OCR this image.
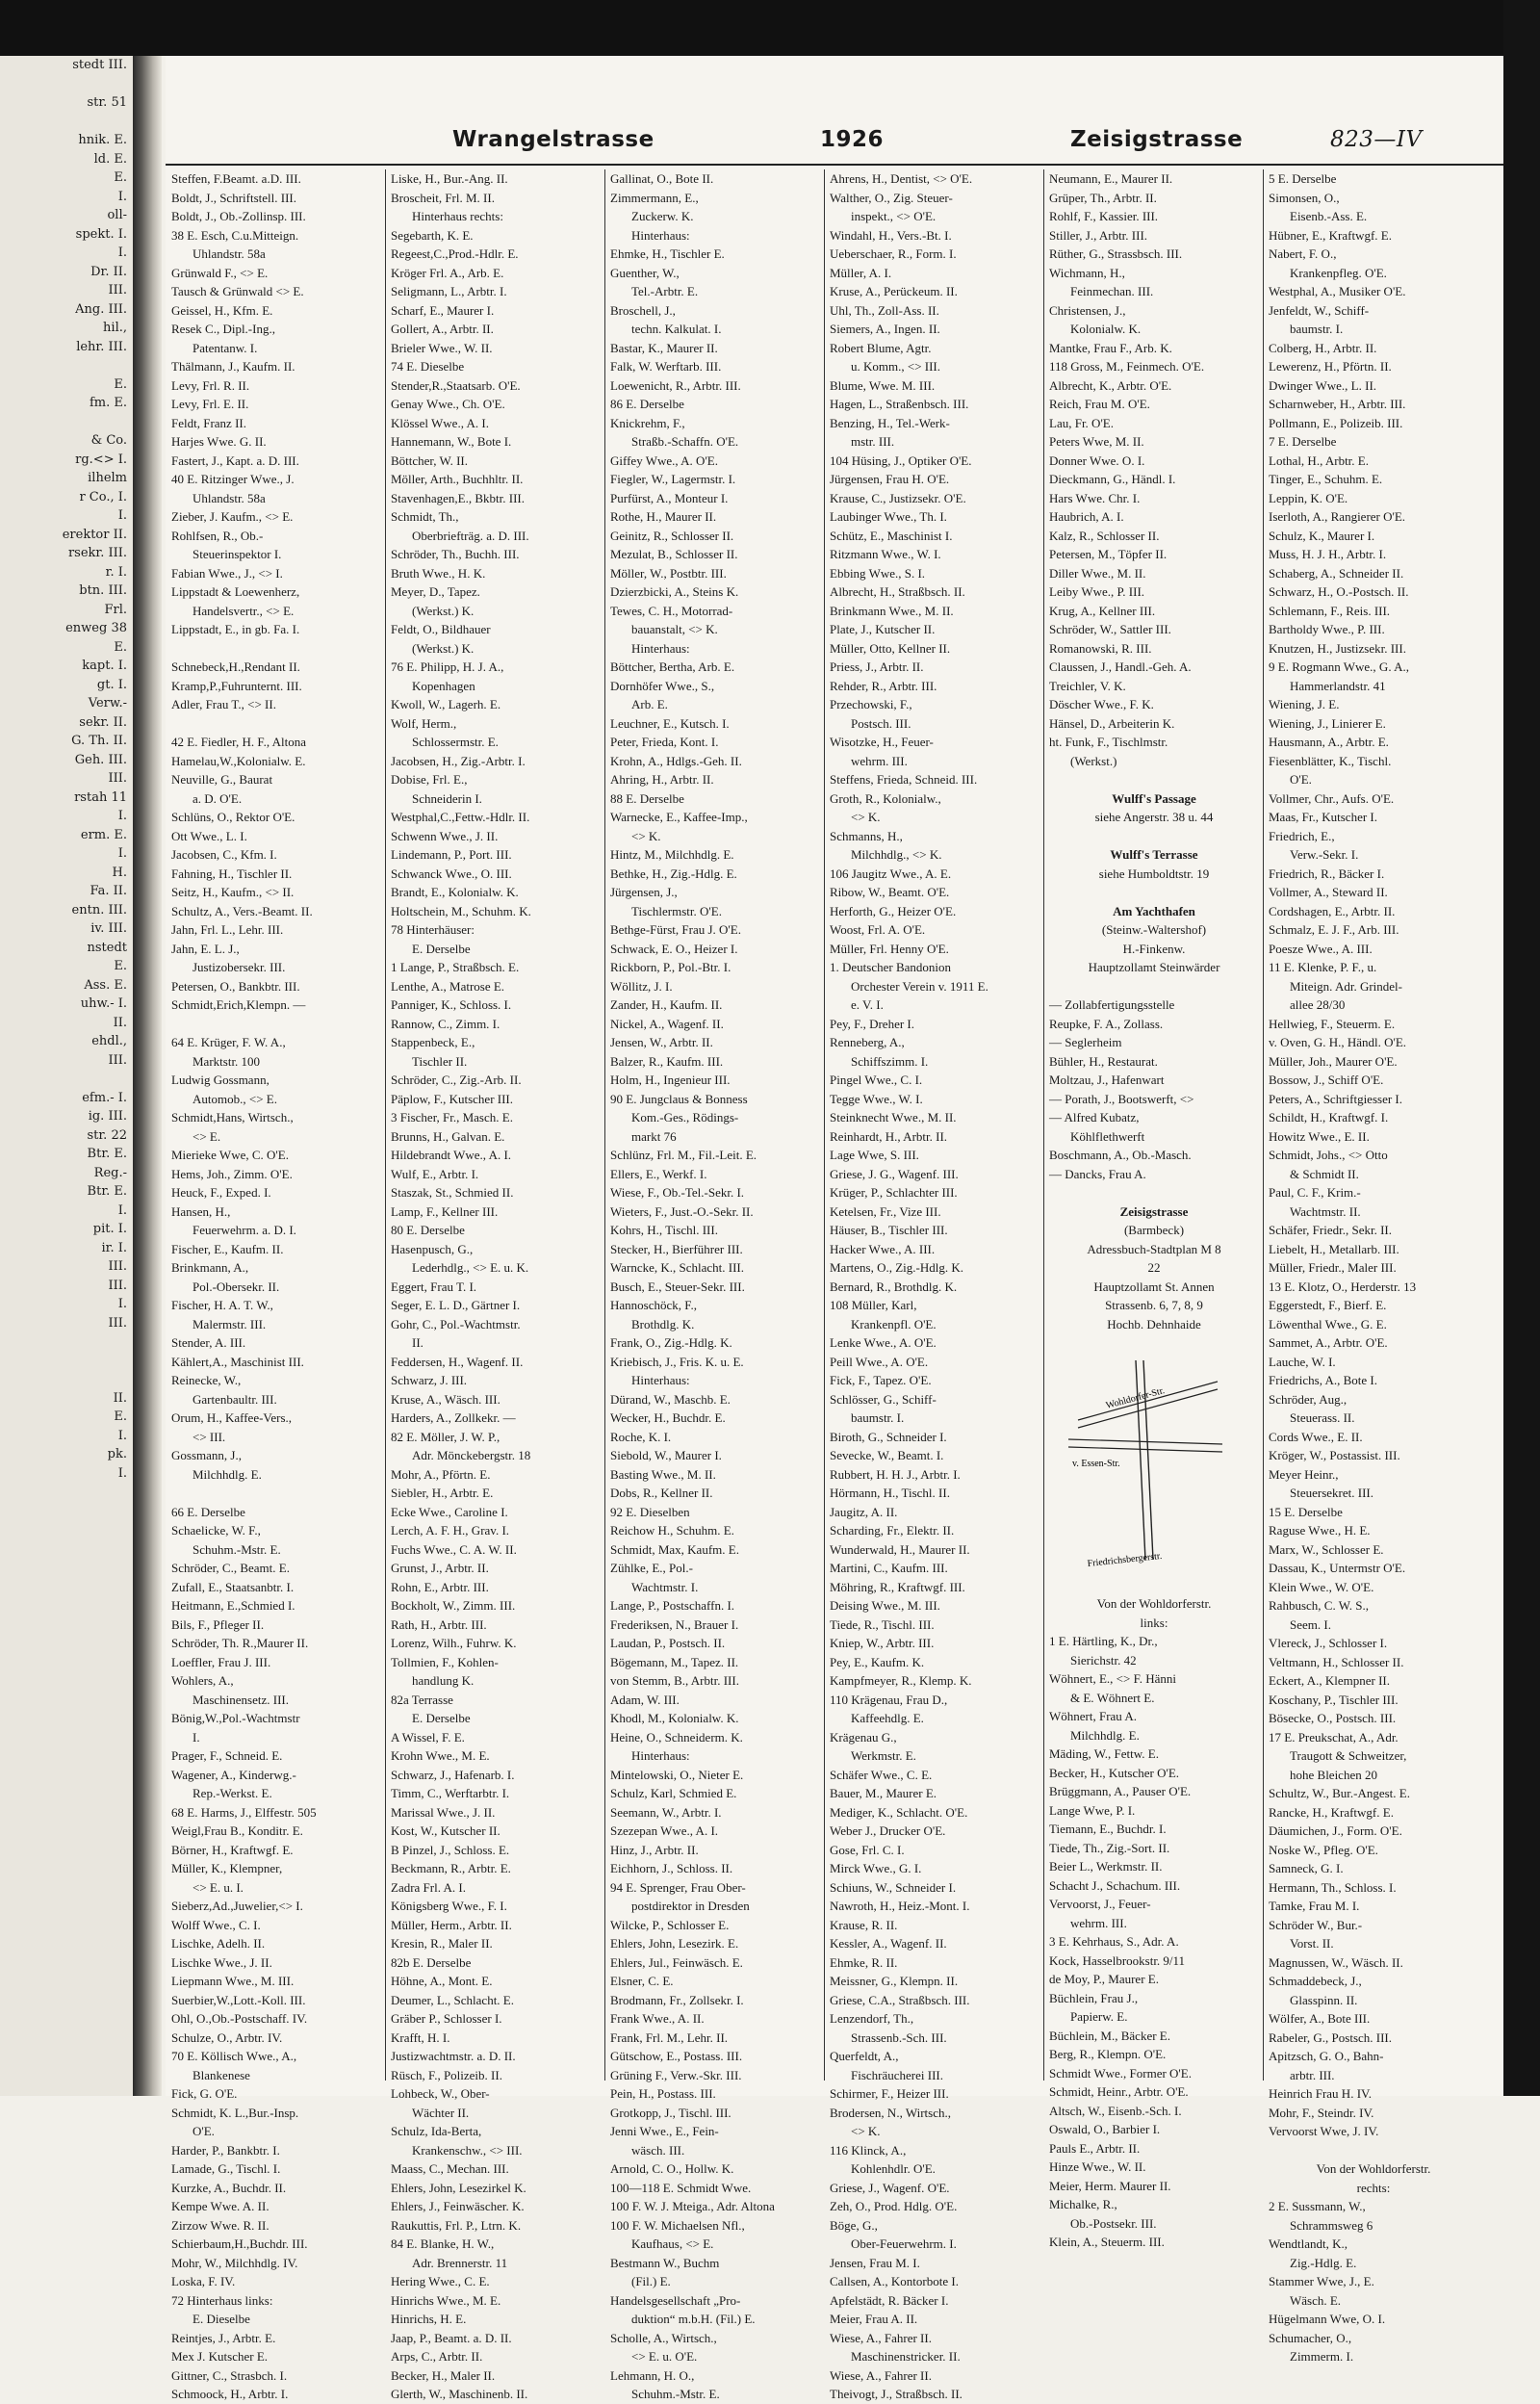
stedt III.

str. 51

hnik. E.
ld. E.
E.
I.
oll-
spekt. I.
I.
Dr. II.
III.
Ang. III.
hil.,
lehr. III.

E.
fm. E.

& Co.
rg.<> I.
ilhelm
r Co., I.
I.
erektor II.
rsekr. III.
r. I.
btn. III.
Frl.
enweg 38
E.
kapt. I.
gt. I.
Verw.-
sekr. II.
G. Th. II.
Geh. III.
III.
rstah 11
I.
erm. E.
I.
H.
Fa. II.
entn. III.
iv. III.
nstedt
E.
Ass. E.
uhw.- I.
II.
ehdl.,
III.

efm.- I.
ig. III.
str. 22
Btr. E.
Reg.-
Btr. E.
I.
pit. I.
ir. I.
III.
III.
I.
III.

II.
E.
I.
pk.
I.
Wrangelstrasse	1926	Zeisigstrasse	823—IV
Steffen, F.Beamt. a.D. III.
Boldt, J., Schriftstell. III.
Boldt, J., Ob.-Zollinsp. III.
38 E. Esch, C.u.Mitteign.
Uhlandstr. 58a
Grünwald F., <> E.
Tausch & Grünwald <> E.
Geissel, H., Kfm. E.
Resek C., Dipl.-Ing.,
Patentanw. I.
Thälmann, J., Kaufm. II.
Levy, Frl. R. II.
Levy, Frl. E. II.
Feldt, Franz II.
Harjes Wwe. G. II.
Fastert, J., Kapt. a. D. III.
40 E. Ritzinger Wwe., J.
Uhlandstr. 58a
Zieber, J. Kaufm., <> E.
Rohlfsen, R., Ob.-
Steuerinspektor I.
Fabian Wwe., J., <> I.
Lippstadt & Loewenherz,
Handelsvertr., <> E.
Lippstadt, E., in gb. Fa. I.

Schnebeck,H.,Rendant II.
Kramp,P.,Fuhrunternt. III.
Adler, Frau T., <> II.

42 E. Fiedler, H. F., Altona
Hamelau,W.,Kolonialw. E.
Neuville, G., Baurat
a. D. O'E.
Schlüns, O., Rektor O'E.
Ott Wwe., L. I.
Jacobsen, C., Kfm. I.
Fahning, H., Tischler II.
Seitz, H., Kaufm., <> II.
Schultz, A., Vers.-Beamt. II.
Jahn, Frl. L., Lehr. III.
Jahn, E. L. J.,
Justizobersekr. III.
Petersen, O., Bankbtr. III.
Schmidt,Erich,Klempn. —

64 E. Krüger, F. W. A.,
Marktstr. 100
Ludwig Gossmann,
Automob., <> E.
Schmidt,Hans, Wirtsch.,
<> E.
Mierieke Wwe, C. O'E.
Hems, Joh., Zimm. O'E.
Heuck, F., Exped. I.
Hansen, H.,
Feuerwehrm. a. D. I.
Fischer, E., Kaufm. II.
Brinkmann, A.,
Pol.-Obersekr. II.
Fischer, H. A. T. W.,
Malermstr. III.
Stender, A. III.
Kählert,A., Maschinist III.
Reinecke, W.,
Gartenbaultr. III.
Orum, H., Kaffee-Vers.,
<> III.
Gossmann, J.,
Milchhdlg. E.

66 E. Derselbe
Schaelicke, W. F.,
Schuhm.-Mstr. E.
Schröder, C., Beamt. E.
Zufall, E., Staatsanbtr. I.
Heitmann, E.,Schmied I.
Bils, F., Pfleger II.
Schröder, Th. R.,Maurer II.
Loeffler, Frau J. III.
Wohlers, A.,
Maschinensetz. III.
Bönig,W.,Pol.-Wachtmstr
I.
Prager, F., Schneid. E.
Wagener, A., Kinderwg.-
Rep.-Werkst. E.
68 E. Harms, J., Elffestr. 505
Weigl,Frau B., Konditr. E.
Börner, H., Kraftwgf. E.
Müller, K., Klempner,
<> E. u. I.
Sieberz,Ad.,Juwelier,<> I.
Wolff Wwe., C. I.
Lischke, Adelh. II.
Lischke Wwe., J. II.
Liepmann Wwe., M. III.
Suerbier,W.,Lott.-Koll. III.
Ohl, O.,Ob.-Postschaff. IV.
Schulze, O., Arbtr. IV.
70 E. Köllisch Wwe., A.,
Blankenese
Fick, G. O'E.
Schmidt, K. L.,Bur.-Insp.
O'E.
Harder, P., Bankbtr. I.
Lamade, G., Tischl. I.
Kurzke, A., Buchdr. II.
Kempe Wwe. A. II.
Zirzow Wwe. R. II.
Schierbaum,H.,Buchdr. III.
Mohr, W., Milchhdlg. IV.
Loska, F. IV.
72 Hinterhaus links:
E. Dieselbe
Reintjes, J., Arbtr. E.
Mex J. Kutscher E.
Gittner, C., Strasbch. I.
Schmoock, H., Arbtr. I.
Liske, H., Bur.-Ang. II.
Broscheit, Frl. M. II.
Hinterhaus rechts:
Segebarth, K. E.
Regeest,C.,Prod.-Hdlr. E.
Kröger Frl. A., Arb. E.
Seligmann, L., Arbtr. I.
Scharf, E., Maurer I.
Gollert, A., Arbtr. II.
Brieler Wwe., W. II.
74 E. Dieselbe
Stender,R.,Staatsarb. O'E.
Genay Wwe., Ch. O'E.
Klössel Wwe., A. I.
Hannemann, W., Bote I.
Böttcher, W. II.
Möller, Arth., Buchhltr. II.
Stavenhagen,E., Bkbtr. III.
Schmidt, Th.,
Oberbriefträg. a. D. III.
Schröder, Th., Buchh. III.
Bruth Wwe., H. K.
Meyer, D., Tapez.
(Werkst.) K.
Feldt, O., Bildhauer
(Werkst.) K.
76 E. Philipp, H. J. A.,
Kopenhagen
Kwoll, W., Lagerh. E.
Wolf, Herm.,
Schlossermstr. E.
Jacobsen, H., Zig.-Arbtr. I.
Dobise, Frl. E.,
Schneiderin I.
Westphal,C.,Fettw.-Hdlr. II.
Schwenn Wwe., J. II.
Lindemann, P., Port. III.
Schwanck Wwe., O. III.
Brandt, E., Kolonialw. K.
Holtschein, M., Schuhm. K.
78 Hinterhäuser:
E. Derselbe
1 Lange, P., Straßbsch. E.
Lenthe, A., Matrose E.
Panniger, K., Schloss. I.
Rannow, C., Zimm. I.
Stappenbeck, E.,
Tischler II.
Schröder, C., Zig.-Arb. II.
Päplow, F., Kutscher III.
3 Fischer, Fr., Masch. E.
Brunns, H., Galvan. E.
Hildebrandt Wwe., A. I.
Wulf, E., Arbtr. I.
Staszak, St., Schmied II.
Lamp, F., Kellner III.
80 E. Derselbe
Hasenpusch, G.,
Lederhdlg., <> E. u. K.
Eggert, Frau T. I.
Seger, E. L. D., Gärtner I.
Gohr, C., Pol.-Wachtmstr.
II.
Feddersen, H., Wagenf. II.
Schwarz, J. III.
Kruse, A., Wäsch. III.
Harders, A., Zollkekr. —
82 E. Möller, J. W. P.,
Adr. Mönckebergstr. 18
Mohr, A., Pförtn. E.
Siebler, H., Arbtr. E.
Ecke Wwe., Caroline I.
Lerch, A. F. H., Grav. I.
Fuchs Wwe., C. A. W. II.
Grunst, J., Arbtr. II.
Rohn, E., Arbtr. III.
Bockholt, W., Zimm. III.
Rath, H., Arbtr. III.
Lorenz, Wilh., Fuhrw. K.
Tollmien, F., Kohlen-
handlung K.
82a Terrasse
E. Derselbe
A Wissel, F. E.
Krohn Wwe., M. E.
Schwarz, J., Hafenarb. I.
Timm, C., Werftarbtr. I.
Marissal Wwe., J. II.
Kost, W., Kutscher II.
B Pinzel, J., Schloss. E.
Beckmann, R., Arbtr. E.
Zadra Frl. A. I.
Königsberg Wwe., F. I.
Müller, Herm., Arbtr. II.
Kresin, R., Maler II.
82b E. Derselbe
Höhne, A., Mont. E.
Deumer, L., Schlacht. E.
Gräber P., Schlosser I.
Krafft, H. I.
Justizwachtmstr. a. D. II.
Rüsch, F., Polizeib. II.
Lohbeck, W., Ober-
Wächter II.
Schulz, Ida-Berta,
Krankenschw., <> III.
Maass, C., Mechan. III.
Ehlers, John, Lesezirkel K.
Ehlers, J., Feinwäscher. K.
Raukuttis, Frl. P., Ltrn. K.
84 E. Blanke, H. W.,
Adr. Brennerstr. 11
Hering Wwe., C. E.
Hinrichs Wwe., M. E.
Hinrichs, H. E.
Jaap, P., Beamt. a. D. II.
Arps, C., Arbtr. II.
Becker, H., Maler II.
Glerth, W., Maschinenb. II.
Gallinat, O., Bote II.
Zimmermann, E.,
Zuckerw. K.
Hinterhaus:
Ehmke, H., Tischler E.
Guenther, W.,
Tel.-Arbtr. E.
Broschell, J.,
techn. Kalkulat. I.
Bastar, K., Maurer II.
Falk, W. Werftarb. III.
Loewenicht, R., Arbtr. III.
86 E. Derselbe
Knickrehm, F.,
Straßb.-Schaffn. O'E.
Giffey Wwe., A. O'E.
Fiegler, W., Lagermstr. I.
Purfürst, A., Monteur I.
Rothe, H., Maurer II.
Geinitz, R., Schlosser II.
Mezulat, B., Schlosser II.
Möller, W., Postbtr. III.
Dzierzbicki, A., Steins K.
Tewes, C. H., Motorrad-
bauanstalt, <> K.
Hinterhaus:
Böttcher, Bertha, Arb. E.
Dornhöfer Wwe., S.,
Arb. E.
Leuchner, E., Kutsch. I.
Peter, Frieda, Kont. I.
Krohn, A., Hdlgs.-Geh. II.
Ahring, H., Arbtr. II.
88 E. Derselbe
Warnecke, E., Kaffee-Imp.,
<> K.
Hintz, M., Milchhdlg. E.
Bethke, H., Zig.-Hdlg. E.
Jürgensen, J.,
Tischlermstr. O'E.
Bethge-Fürst, Frau J. O'E.
Schwack, E. O., Heizer I.
Rickborn, P., Pol.-Btr. I.
Wöllitz, J. I.
Zander, H., Kaufm. II.
Nickel, A., Wagenf. II.
Jensen, W., Arbtr. II.
Balzer, R., Kaufm. III.
Holm, H., Ingenieur III.
90 E. Jungclaus & Bonness
Kom.-Ges., Rödings-
markt 76
Schlünz, Frl. M., Fil.-Leit. E.
Ellers, E., Werkf. I.
Wiese, F., Ob.-Tel.-Sekr. I.
Wieters, F., Just.-O.-Sekr. II.
Kohrs, H., Tischl. III.
Stecker, H., Bierführer III.
Warncke, K., Schlacht. III.
Busch, E., Steuer-Sekr. III.
Hannoschöck, F.,
Brothdlg. K.
Frank, O., Zig.-Hdlg. K.
Kriebisch, J., Fris. K. u. E.
Hinterhaus:
Dürand, W., Maschb. E.
Wecker, H., Buchdr. E.
Roche, K. I.
Siebold, W., Maurer I.
Basting Wwe., M. II.
Dobs, R., Kellner II.
92 E. Dieselben
Reichow H., Schuhm. E.
Schmidt, Max, Kaufm. E.
Zühlke, E., Pol.-
Wachtmstr. I.
Lange, P., Postschaffn. I.
Frederiksen, N., Brauer I.
Laudan, P., Postsch. II.
Bögemann, M., Tapez. II.
von Stemm, B., Arbtr. III.
Adam, W. III.
Khodl, M., Kolonialw. K.
Heine, O., Schneiderm. K.
Hinterhaus:
Mintelowski, O., Nieter E.
Schulz, Karl, Schmied E.
Seemann, W., Arbtr. I.
Szezepan Wwe., A. I.
Hinz, J., Arbtr. II.
Eichhorn, J., Schloss. II.
94 E. Sprenger, Frau Ober-
postdirektor in Dresden
Wilcke, P., Schlosser E.
Ehlers, John, Lesezirk. E.
Ehlers, Jul., Feinwäsch. E.
Elsner, C. E.
Brodmann, Fr., Zollsekr. I.
Frank Wwe., A. II.
Frank, Frl. M., Lehr. II.
Gütschow, E., Postass. III.
Grüning F., Verw.-Skr. III.
Pein, H., Postass. III.
Grotkopp, J., Tischl. III.
Jenni Wwe., E., Fein-
wäsch. III.
Arnold, C. O., Hollw. K.
100—118 E. Schmidt Wwe.
100 F. W. J. Mteiga., Adr. Altona
100 F. W. Michaelsen Nfl.,
Kaufhaus, <> E.
Bestmann W., Buchm
(Fil.) E.
Handelsgesellschaft „Pro-
duktion“ m.b.H. (Fil.) E.
Scholle, A., Wirtsch.,
<> E. u. O'E.
Lehmann, H. O.,
Schuhm.-Mstr. E.
Ahrens, H., Dentist, <> O'E.
Walther, O., Zig. Steuer-
inspekt., <> O'E.
Windahl, H., Vers.-Bt. I.
Ueberschaer, R., Form. I.
Müller, A. I.
Kruse, A., Perückeum. II.
Uhl, Th., Zoll-Ass. II.
Siemers, A., Ingen. II.
Robert Blume, Agtr.
u. Komm., <> III.
Blume, Wwe. M. III.
Hagen, L., Straßenbsch. III.
Benzing, H., Tel.-Werk-
mstr. III.
104 Hüsing, J., Optiker O'E.
Jürgensen, Frau H. O'E.
Krause, C., Justizsekr. O'E.
Laubinger Wwe., Th. I.
Schütz, E., Maschinist I.
Ritzmann Wwe., W. I.
Ebbing Wwe., S. I.
Albrecht, H., Straßbsch. II.
Brinkmann Wwe., M. II.
Plate, J., Kutscher II.
Müller, Otto, Kellner II.
Priess, J., Arbtr. II.
Rehder, R., Arbtr. III.
Przechowski, F.,
Postsch. III.
Wisotzke, H., Feuer-
wehrm. III.
Steffens, Frieda, Schneid. III.
Groth, R., Kolonialw.,
<> K.
Schmanns, H.,
Milchhdlg., <> K.
106 Jaugitz Wwe., A. E.
Ribow, W., Beamt. O'E.
Herforth, G., Heizer O'E.
Woost, Frl. A. O'E.
Müller, Frl. Henny O'E.
1. Deutscher Bandonion
Orchester Verein v. 1911 E.
e. V. I.
Pey, F., Dreher I.
Renneberg, A.,
Schiffszimm. I.
Pingel Wwe., C. I.
Tegge Wwe., W. I.
Steinknecht Wwe., M. II.
Reinhardt, H., Arbtr. II.
Lage Wwe, S. III.
Griese, J. G., Wagenf. III.
Krüger, P., Schlachter III.
Ketelsen, Fr., Vize III.
Häuser, B., Tischler III.
Hacker Wwe., A. III.
Martens, O., Zig.-Hdlg. K.
Bernard, R., Brothdlg. K.
108 Müller, Karl,
Krankenpfl. O'E.
Lenke Wwe., A. O'E.
Peill Wwe., A. O'E.
Fick, F., Tapez. O'E.
Schlösser, G., Schiff-
baumstr. I.
Biroth, G., Schneider I.
Sevecke, W., Beamt. I.
Rubbert, H. H. J., Arbtr. I.
Hörmann, H., Tischl. II.
Jaugitz, A. II.
Scharding, Fr., Elektr. II.
Wunderwald, H., Maurer II.
Martini, C., Kaufm. III.
Möhring, R., Kraftwgf. III.
Deising Wwe., M. III.
Tiede, R., Tischl. III.
Kniep, W., Arbtr. III.
Pey, E., Kaufm. K.
Kampfmeyer, R., Klemp. K.
110 Krägenau, Frau D.,
Kaffeehdlg. E.
Krägenau G.,
Werkmstr. E.
Schäfer Wwe., C. E.
Bauer, M., Maurer E.
Mediger, K., Schlacht. O'E.
Weber J., Drucker O'E.
Gose, Frl. C. I.
Mirck Wwe., G. I.
Schiuns, W., Schneider I.
Nawroth, H., Heiz.-Mont. I.
Krause, R. II.
Kessler, A., Wagenf. II.
Ehmke, R. II.
Meissner, G., Klempn. II.
Griese, C.A., Straßbsch. III.
Lenzendorf, Th.,
Strassenb.-Sch. III.
Querfeldt, A.,
Fischräucherei III.
Schirmer, F., Heizer III.
Brodersen, N., Wirtsch.,
<> K.
116 Klinck, A.,
Kohlenhdlr. O'E.
Griese, J., Wagenf. O'E.
Zeh, O., Prod. Hdlg. O'E.
Böge, G.,
Ober-Feuerwehrm. I.
Jensen, Frau M. I.
Callsen, A., Kontorbote I.
Apfelstädt, R. Bäcker I.
Meier, Frau A. II.
Wiese, A., Fahrer II.
Maschinenstricker. II.
Wiese, A., Fahrer II.
Theivogt, J., Straßbsch. II.
Neumann, E., Maurer II.
Grüper, Th., Arbtr. II.
Rohlf, F., Kassier. III.
Stiller, J., Arbtr. III.
Rüther, G., Strassbsch. III.
Wichmann, H.,
Feinmechan. III.
Christensen, J.,
Kolonialw. K.
Mantke, Frau F., Arb. K.
118 Gross, M., Feinmech. O'E.
Albrecht, K., Arbtr. O'E.
Reich, Frau M. O'E.
Lau, Fr. O'E.
Peters Wwe, M. II.
Donner Wwe. O. I.
Dieckmann, G., Händl. I.
Hars Wwe. Chr. I.
Haubrich, A. I.
Kalz, R., Schlosser II.
Petersen, M., Töpfer II.
Diller Wwe., M. II.
Leiby Wwe., P. III.
Krug, A., Kellner III.
Schröder, W., Sattler III.
Romanowski, R. III.
Claussen, J., Handl.-Geh. A.
Treichler, V. K.
Döscher Wwe., F. K.
Hänsel, D., Arbeiterin K.
ht. Funk, F., Tischlmstr.
(Werkst.)

Wulff's Passage
siehe Angerstr. 38 u. 44

Wulff's Terrasse
siehe Humboldtstr. 19

Am Yachthafen
(Steinw.-Waltershof)
H.-Finkenw.
Hauptzollamt Steinwärder

— Zollabfertigungsstelle
Reupke, F. A., Zollass.
— Seglerheim
Bühler, H., Restaurat.
Moltzau, J., Hafenwart
— Porath, J., Bootswerft, <>
— Alfred Kubatz,
Köhlflethwerft
Boschmann, A., Ob.-Masch.
— Dancks, Frau A.

Zeisigstrasse
(Barmbeck)
Adressbuch-Stadtplan M 8
22
Hauptzollamt St. Annen
Strassenb. 6, 7, 8, 9
Hochb. Dehnhaide

Wohldorfer-Str.
v. Essen-Str.
Friedrichsbergerstr.

Von der Wohldorferstr.
links:
1 E. Härtling, K., Dr.,
Sierichstr. 42
Wöhnert, E., <> F. Hänni
& E. Wöhnert E.
Wöhnert, Frau A.
Milchhdlg. E.
Mäding, W., Fettw. E.
Becker, H., Kutscher O'E.
Brüggmann, A., Pauser O'E.
Lange Wwe, P. I.
Tiemann, E., Buchdr. I.
Tiede, Th., Zig.-Sort. II.
Beier L., Werkmstr. II.
Schacht J., Schachum. III.
Vervoorst, J., Feuer-
wehrm. III.
3 E. Kehrhaus, S., Adr. A.
Kock, Hasselbrookstr. 9/11
de Moy, P., Maurer E.
Büchlein, Frau J.,
Papierw. E.
Büchlein, M., Bäcker E.
Berg, R., Klempn. O'E.
Schmidt Wwe., Former O'E.
Schmidt, Heinr., Arbtr. O'E.
Altsch, W., Eisenb.-Sch. I.
Oswald, O., Barbier I.
Pauls E., Arbtr. II.
Hinze Wwe., W. II.
Meier, Herm. Maurer II.
Michalke, R.,
Ob.-Postsekr. III.
Klein, A., Steuerm. III.
5 E. Derselbe
Simonsen, O.,
Eisenb.-Ass. E.
Hübner, E., Kraftwgf. E.
Nabert, F. O.,
Krankenpfleg. O'E.
Westphal, A., Musiker O'E.
Jenfeldt, W., Schiff-
baumstr. I.
Colberg, H., Arbtr. II.
Lewerenz, H., Pförtn. II.
Dwinger Wwe., L. II.
Scharnweber, H., Arbtr. III.
Pollmann, E., Polizeib. III.
7 E. Derselbe
Lothal, H., Arbtr. E.
Tinger, E., Schuhm. E.
Leppin, K. O'E.
Iserloth, A., Rangierer O'E.
Schulz, K., Maurer I.
Muss, H. J. H., Arbtr. I.
Schaberg, A., Schneider II.
Schwarz, H., O.-Postsch. II.
Schlemann, F., Reis. III.
Bartholdy Wwe., P. III.
Knutzen, H., Justizsekr. III.
9 E. Rogmann Wwe., G. A.,
Hammerlandstr. 41
Wiening, J. E.
Wiening, J., Linierer E.
Hausmann, A., Arbtr. E.
Fiesenblätter, K., Tischl.
O'E.
Vollmer, Chr., Aufs. O'E.
Maas, Fr., Kutscher I.
Friedrich, E.,
Verw.-Sekr. I.
Friedrich, R., Bäcker I.
Vollmer, A., Steward II.
Cordshagen, E., Arbtr. II.
Schmalz, E. J. F., Arb. III.
Poesze Wwe., A. III.
11 E. Klenke, P. F., u.
Miteign. Adr. Grindel-
allee 28/30
Hellwieg, F., Steuerm. E.
v. Oven, G. H., Händl. O'E.
Müller, Joh., Maurer O'E.
Bossow, J., Schiff O'E.
Peters, A., Schriftgiesser I.
Schildt, H., Kraftwgf. I.
Howitz Wwe., E. II.
Schmidt, Johs., <> Otto
& Schmidt II.
Paul, C. F., Krim.-
Wachtmstr. II.
Schäfer, Friedr., Sekr. II.
Liebelt, H., Metallarb. III.
Müller, Friedr., Maler III.
13 E. Klotz, O., Herderstr. 13
Eggerstedt, F., Bierf. E.
Löwenthal Wwe., G. E.
Sammet, A., Arbtr. O'E.
Lauche, W. I.
Friedrichs, A., Bote I.
Schröder, Aug.,
Steuerass. II.
Cords Wwe., E. II.
Kröger, W., Postassist. III.
Meyer Heinr.,
Steuersekret. III.
15 E. Derselbe
Raguse Wwe., H. E.
Marx, W., Schlosser E.
Dassau, K., Untermstr O'E.
Klein Wwe., W. O'E.
Rahbusch, C. W. S.,
Seem. I.
Vlereck, J., Schlosser I.
Veltmann, H., Schlosser II.
Eckert, A., Klempner II.
Koschany, P., Tischler III.
Bösecke, O., Postsch. III.
17 E. Preukschat, A., Adr.
Traugott & Schweitzer,
hohe Bleichen 20
Schultz, W., Bur.-Angest. E.
Rancke, H., Kraftwgf. E.
Däumichen, J., Form. O'E.
Noske W., Pfleg. O'E.
Samneck, G. I.
Hermann, Th., Schloss. I.
Tamke, Frau M. I.
Schröder W., Bur.-
Vorst. II.
Magnussen, W., Wäsch. II.
Schmaddebeck, J.,
Glasspinn. II.
Wölfer, A., Bote III.
Rabeler, G., Postsch. III.
Apitzsch, G. O., Bahn-
arbtr. III.
Heinrich Frau H. IV.
Mohr, F., Steindr. IV.
Vervoorst Wwe, J. IV.

Von der Wohldorferstr.
rechts:
2 E. Sussmann, W.,
Schrammsweg 6
Wendtlandt, K.,
Zig.-Hdlg. E.
Stammer Wwe, J., E.
Wäsch. E.
Hügelmann Wwe, O. I.
Schumacher, O.,
Zimmerm. I.
